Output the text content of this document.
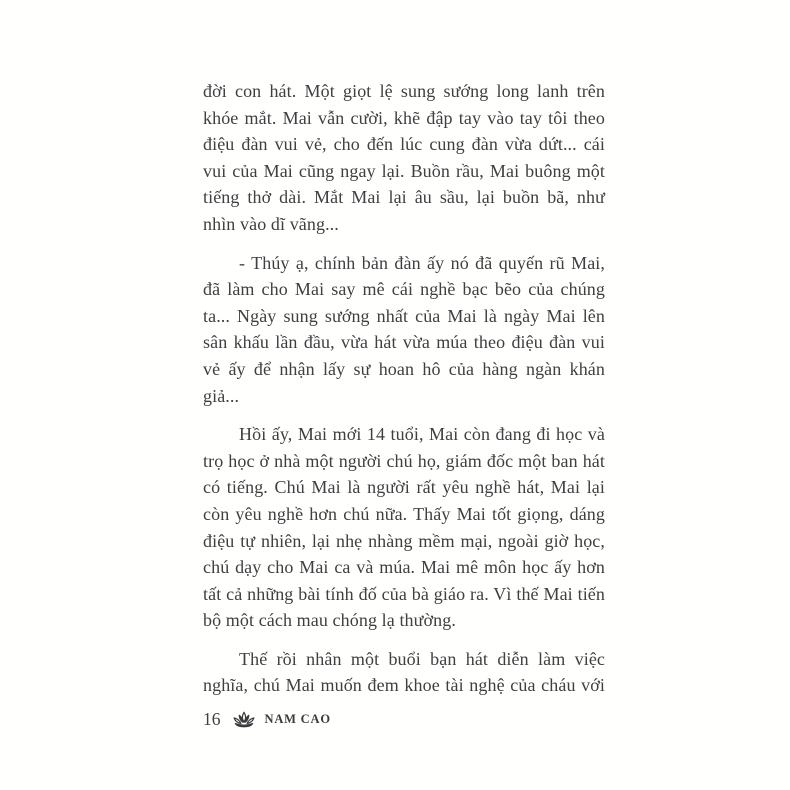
đời con hát. Một giọt lệ sung sướng long lanh trên khóe mắt. Mai vẫn cười, khẽ đập tay vào tay tôi theo điệu đàn vui vẻ, cho đến lúc cung đàn vừa dứt... cái vui của Mai cũng ngay lại. Buồn rầu, Mai buông một tiếng thở dài. Mắt Mai lại âu sầu, lại buồn bã, như nhìn vào dĩ vãng...

- Thúy ạ, chính bản đàn ấy nó đã quyến rũ Mai, đã làm cho Mai say mê cái nghề bạc bẽo của chúng ta... Ngày sung sướng nhất của Mai là ngày Mai lên sân khấu lần đầu, vừa hát vừa múa theo điệu đàn vui vẻ ấy để nhận lấy sự hoan hô của hàng ngàn khán giả...

Hồi ấy, Mai mới 14 tuổi, Mai còn đang đi học và trọ học ở nhà một người chú họ, giám đốc một ban hát có tiếng. Chú Mai là người rất yêu nghề hát, Mai lại còn yêu nghề hơn chú nữa. Thấy Mai tốt giọng, dáng điệu tự nhiên, lại nhẹ nhàng mềm mại, ngoài giờ học, chú dạy cho Mai ca và múa. Mai mê môn học ấy hơn tất cả những bài tính đố của bà giáo ra. Vì thế Mai tiến bộ một cách mau chóng lạ thường.

Thế rồi nhân một buổi bạn hát diễn làm việc nghĩa, chú Mai muốn đem khoe tài nghệ của cháu với

16	NAM CAO
